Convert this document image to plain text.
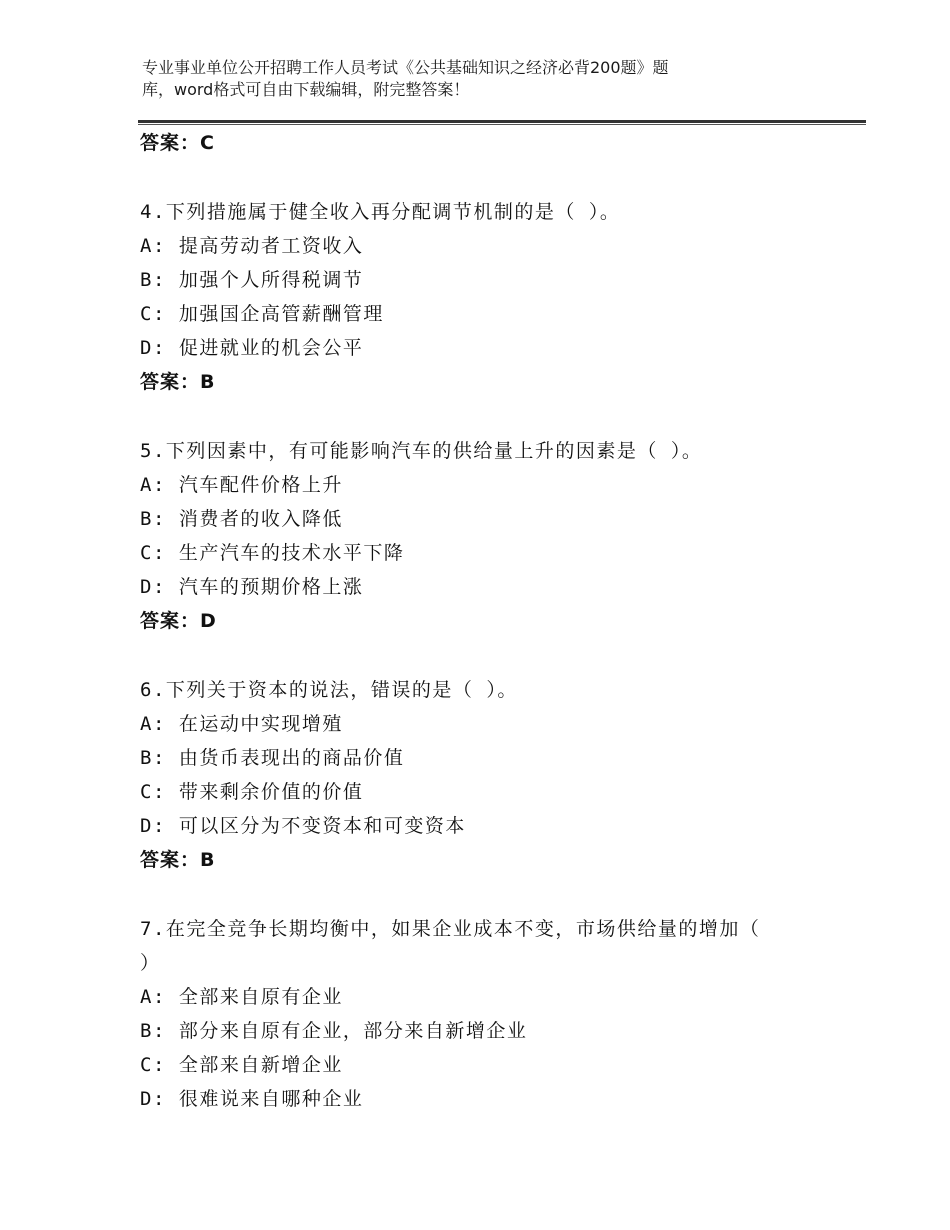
专业事业单位公开招聘工作人员考试《公共基础知识之经济必背200题》题
库，word格式可自由下载编辑，附完整答案！
答案：C
4.下列措施属于健全收入再分配调节机制的是（ ）。
A: 提高劳动者工资收入
B: 加强个人所得税调节
C: 加强国企高管薪酬管理
D: 促进就业的机会公平
答案：B
5.下列因素中，有可能影响汽车的供给量上升的因素是（ ）。
A: 汽车配件价格上升
B: 消费者的收入降低
C: 生产汽车的技术水平下降
D: 汽车的预期价格上涨
答案：D
6.下列关于资本的说法，错误的是（ ）。
A: 在运动中实现增殖
B: 由货币表现出的商品价值
C: 带来剩余价值的价值
D: 可以区分为不变资本和可变资本
答案：B
7.在完全竞争长期均衡中，如果企业成本不变，市场供给量的增加（
）
A: 全部来自原有企业
B: 部分来自原有企业，部分来自新增企业
C: 全部来自新增企业
D: 很难说来自哪种企业
